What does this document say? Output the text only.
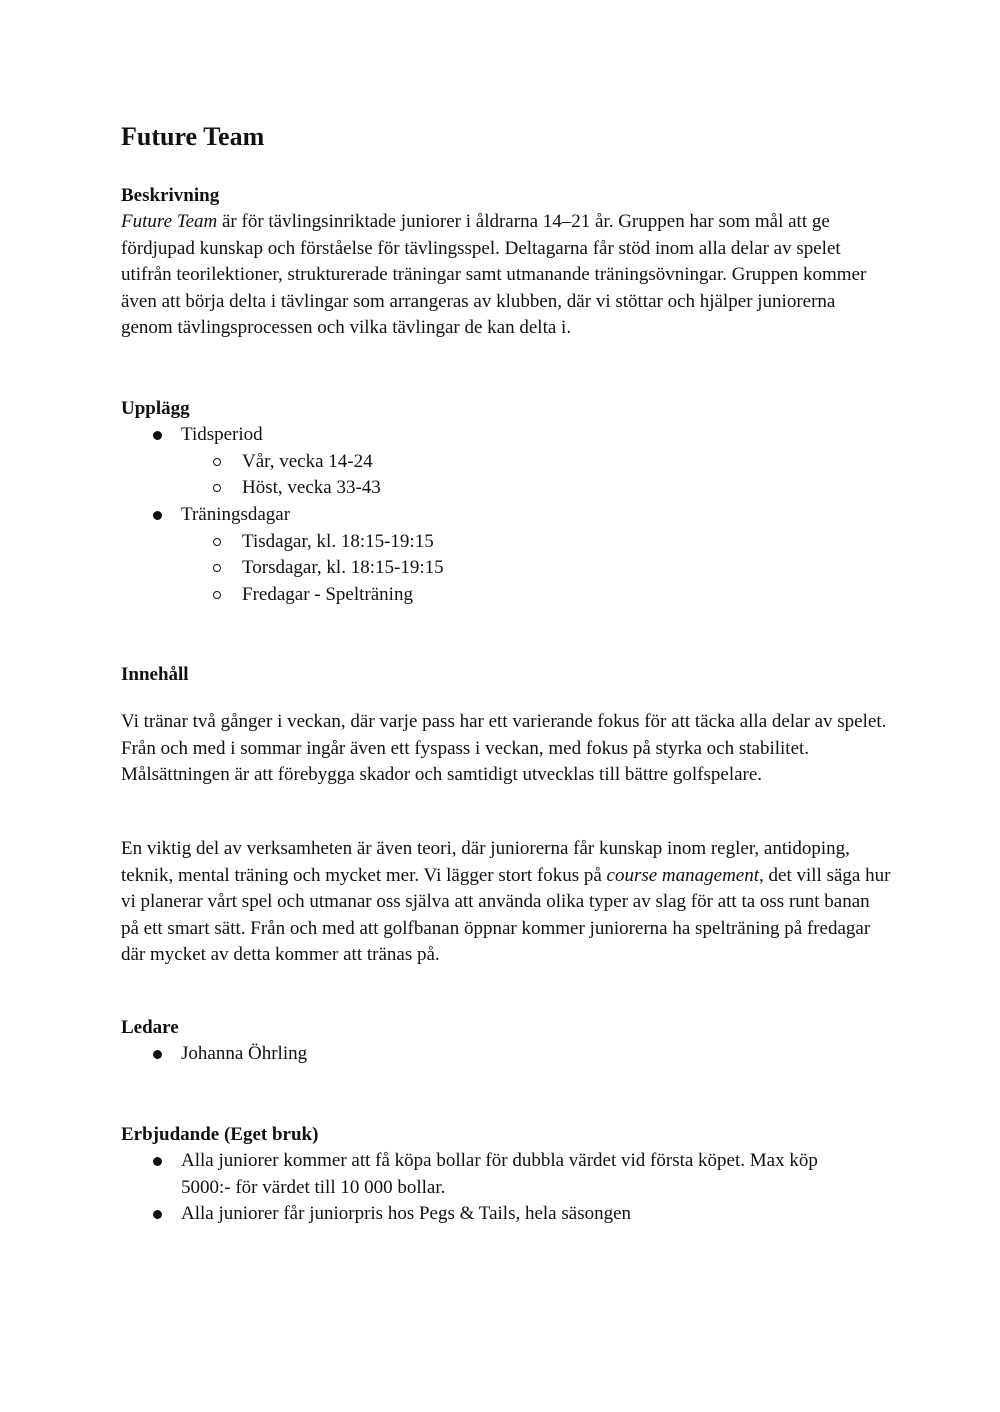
Future Team
Beskrivning

Future Team är för tävlingsinriktade juniorer i åldrarna 14–21 år. Gruppen har som mål att ge fördjupad kunskap och förståelse för tävlingsspel. Deltagarna får stöd inom alla delar av spelet utifrån teorilektioner, strukturerade träningar samt utmanande träningsövningar. Gruppen kommer även att börja delta i tävlingar som arrangeras av klubben, där vi stöttar och hjälper juniorerna genom tävlingsprocessen och vilka tävlingar de kan delta i.

Upplägg
Tidsperiod
Vår, vecka 14-24
Höst, vecka 33-43
Träningsdagar
Tisdagar, kl. 18:15-19:15
Torsdagar, kl. 18:15-19:15
Fredagar - Spelträning
Innehåll

Vi tränar två gånger i veckan, där varje pass har ett varierande fokus för att täcka alla delar av spelet. Från och med i sommar ingår även ett fyspass i veckan, med fokus på styrka och stabilitet. Målsättningen är att förebygga skador och samtidigt utvecklas till bättre golfspelare.

En viktig del av verksamheten är även teori, där juniorerna får kunskap inom regler, antidoping, teknik, mental träning och mycket mer. Vi lägger stort fokus på course management, det vill säga hur vi planerar vårt spel och utmanar oss själva att använda olika typer av slag för att ta oss runt banan på ett smart sätt. Från och med att golfbanan öppnar kommer juniorerna ha spelträning på fredagar där mycket av detta kommer att tränas på.

Ledare
Johanna Öhrling
Erbjudande (Eget bruk)
Alla juniorer kommer att få köpa bollar för dubbla värdet vid första köpet. Max köp 5000:- för värdet till 10 000 bollar.
Alla juniorer får juniorpris hos Pegs & Tails, hela säsongen
